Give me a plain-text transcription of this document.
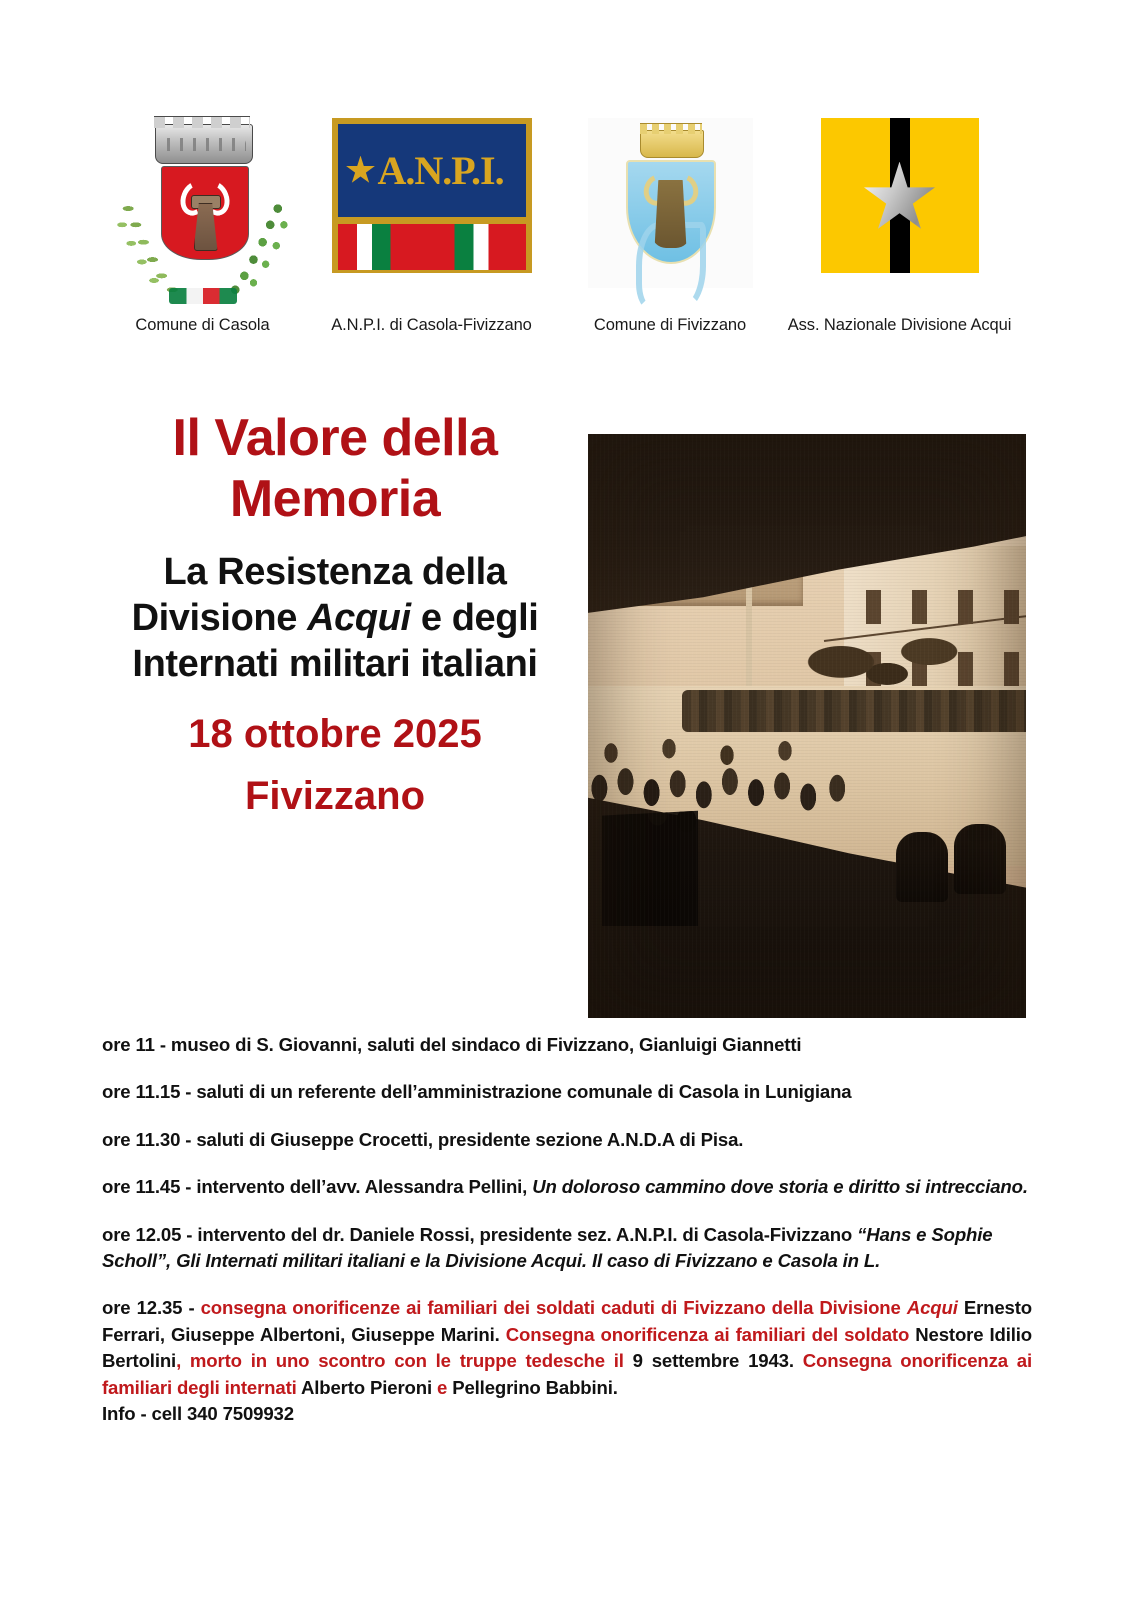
Comune di Casola
A.N.P.I.
A.N.P.I. di Casola-Fivizzano	Comune di Fivizzano	Ass. Nazionale Divisione Acqui
Il Valore della
Memoria
La Resistenza della Divisione Acqui e degli Internati militari italiani
18 ottobre 2025
Fivizzano
ore 11 - museo di S. Giovanni, saluti del sindaco di Fivizzano, Gianluigi Giannetti
ore 11.15 - saluti di un referente dell’amministrazione comunale di Casola in Lunigiana
ore 11.30 - saluti di Giuseppe Crocetti, presidente sezione A.N.D.A di Pisa.
ore 11.45 - intervento dell’avv. Alessandra Pellini, Un doloroso cammino dove storia e diritto si intrecciano.
ore 12.05 - intervento del dr. Daniele Rossi, presidente sez. A.N.P.I. di Casola-Fivizzano “Hans e Sophie Scholl”, Gli Internati militari italiani e la Divisione Acqui. Il caso di Fivizzano e Casola in L.
ore 12.35 - consegna onorificenze ai familiari dei soldati caduti di Fivizzano della Divisione Acqui Ernesto Ferrari, Giuseppe Albertoni, Giuseppe Marini. Consegna onorificenza ai familiari del soldato Nestore Idilio Bertolini, morto in uno scontro con le truppe tedesche il 9 settembre 1943. Consegna onorificenza ai familiari degli internati Alberto Pieroni e Pellegrino Babbini.
Info - cell 340 7509932
